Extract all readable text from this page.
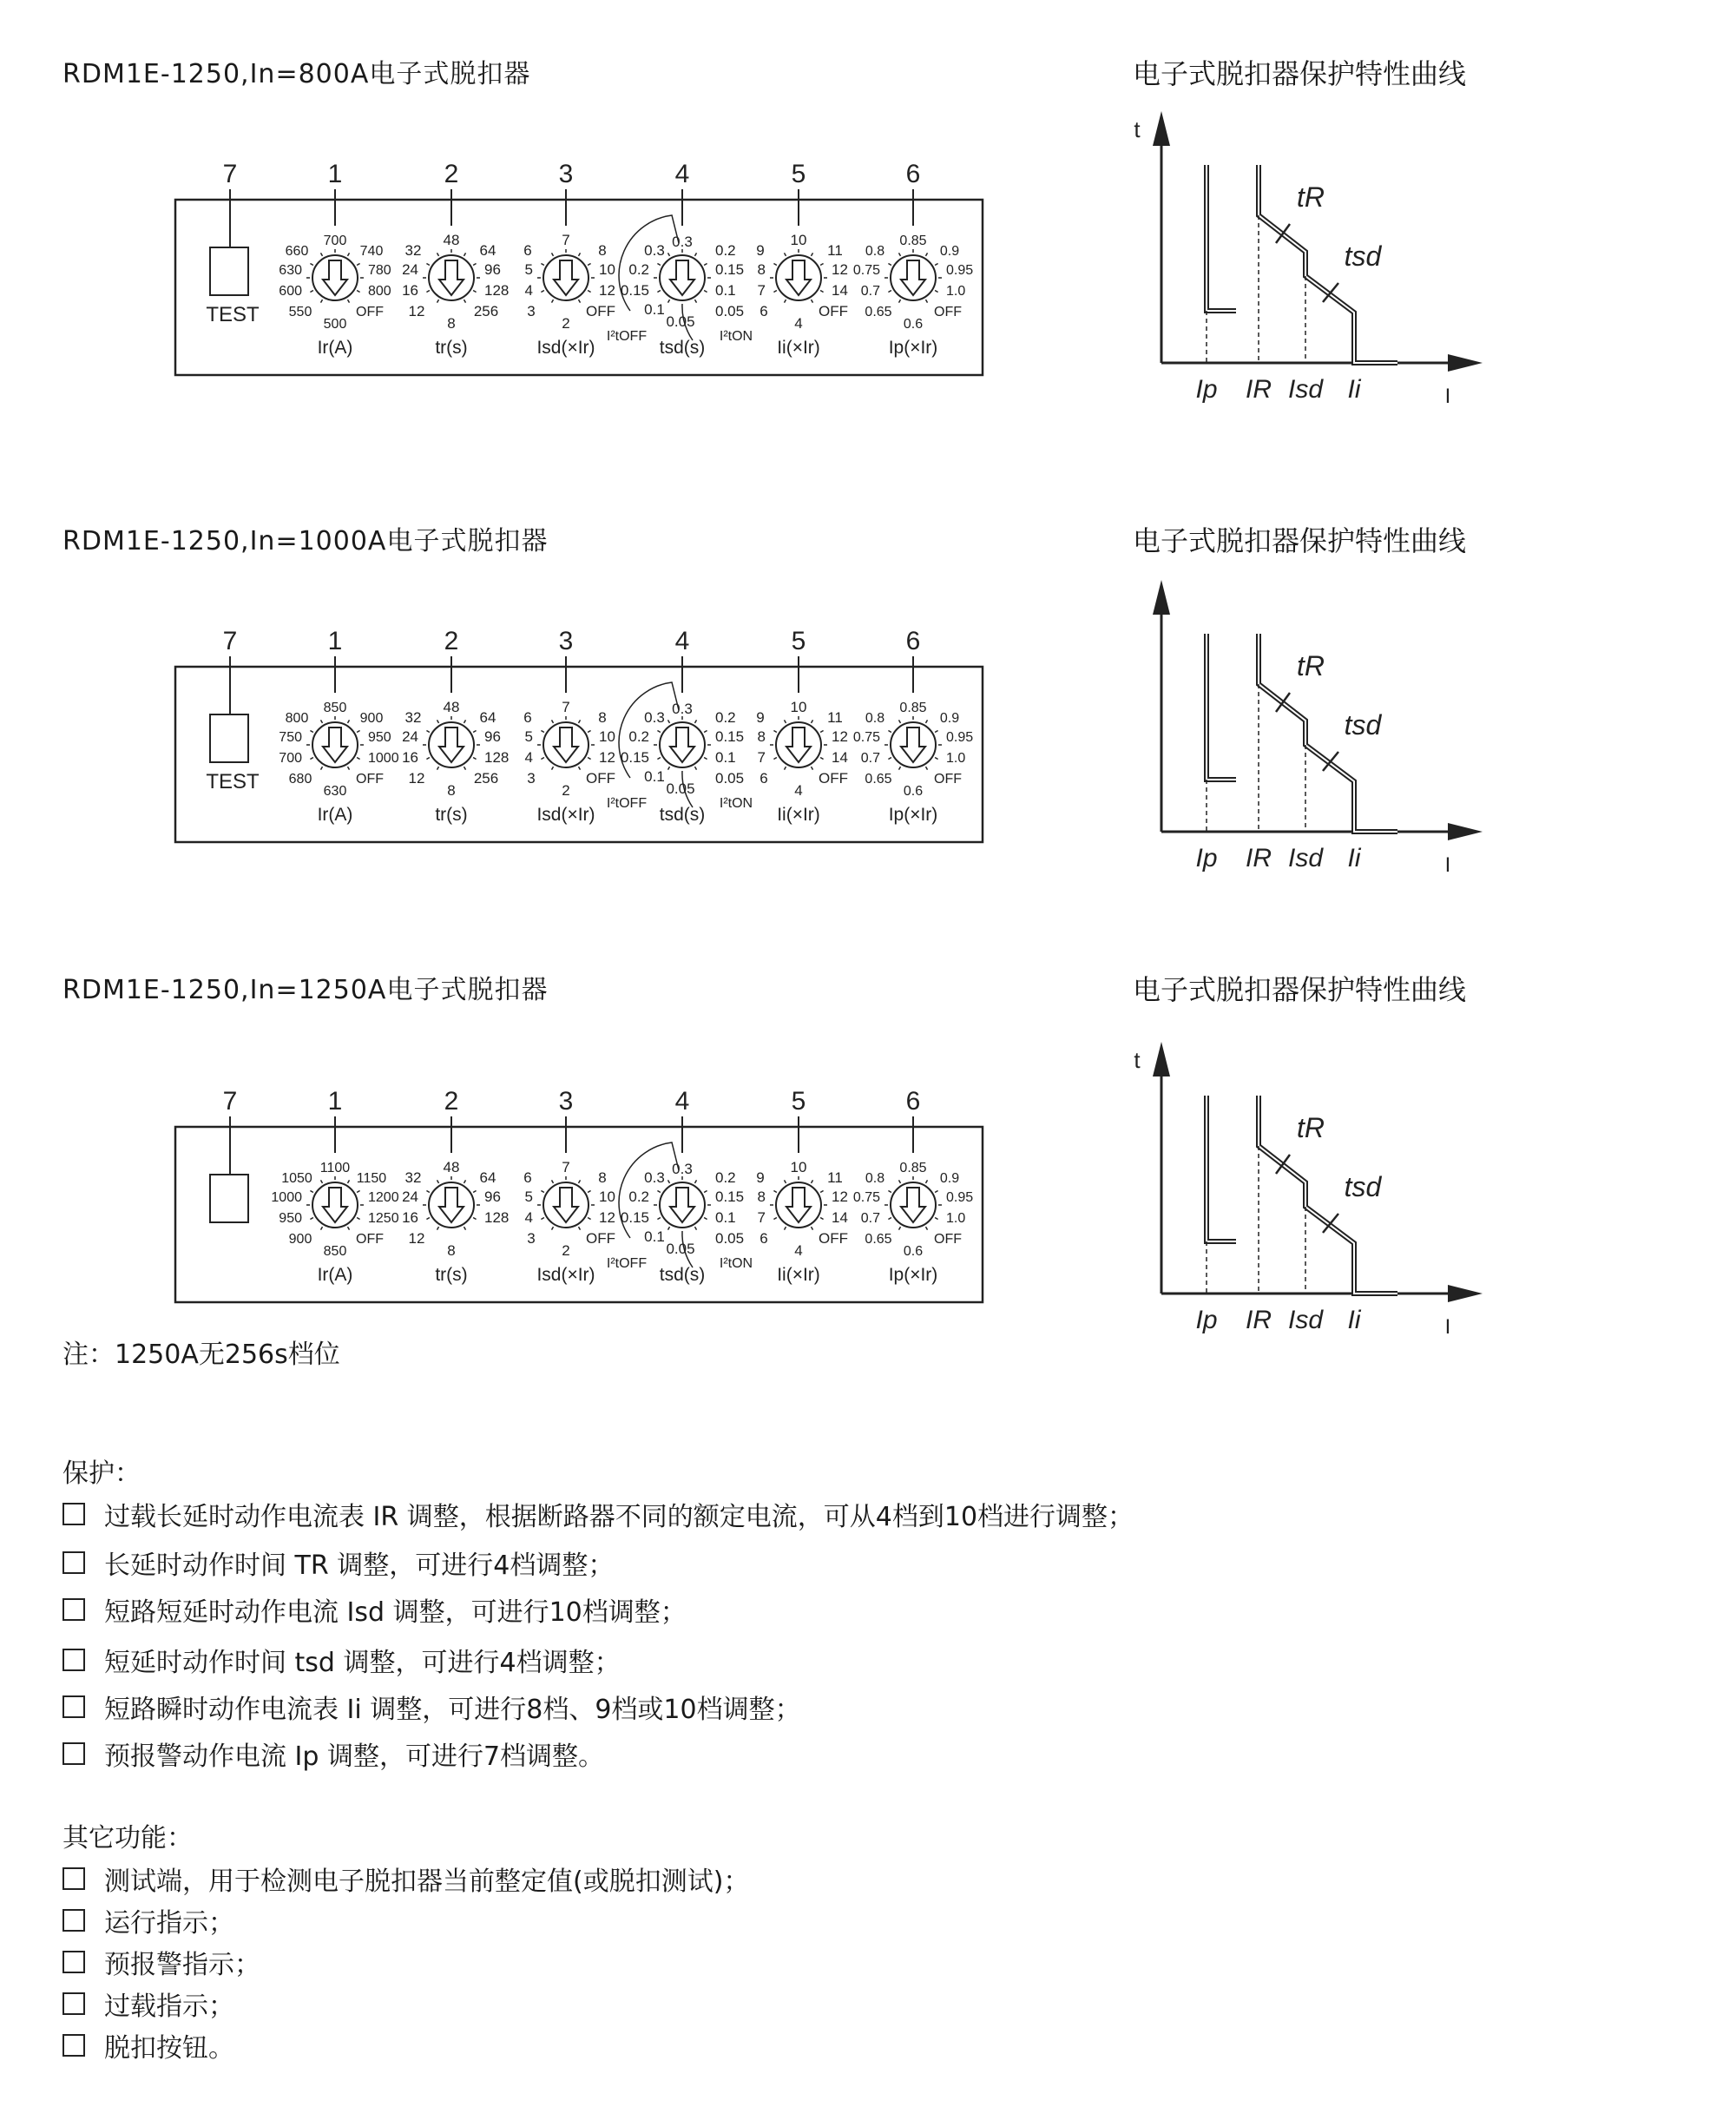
RDM1E-1250,In=800A电子式脱扣器	电子式脱扣器保护特性曲线
RDM1E-1250,In=1000A电子式脱扣器	电子式脱扣器保护特性曲线
RDM1E-1250,In=1250A电子式脱扣器	电子式脱扣器保护特性曲线
7	1	2	3	4	5	6
TEST
660
700
740
630	780
600	800
550
500
OFF
Ir(A)
32
48
64
24	96
16	128
12
8
256
tr(s)
6
7
8
5	10
4	12
3
2
OFF
Isd(×Ir)	tsd(s)
9
10
11
8	12
7	14
6
4
OFF
Ii(×Ir)
0.8
0.85
0.9
0.75	0.95
0.7	1.0
0.65
0.6
OFF
Ip(×Ir)
0.3
0.3
0.2
0.2
0.15
0.15
0.1
0.1
0.05
0.05
I²tOFF	I²tON
t
I
tR
tsd
Ip IR Isd Ii
7	1	2	3	4	5	6
TEST
800
850
900
750	950
700	1000
680
630
OFF
Ir(A)
32
48
64
24	96
16	128
12
8
256
tr(s)
6
7
8
5	10
4	12
3
2
OFF
Isd(×Ir)	tsd(s)
9
10
11
8	12
7	14
6
4
OFF
Ii(×Ir)
0.8
0.85
0.9
0.75	0.95
0.7	1.0
0.65
0.6
OFF
Ip(×Ir)
0.3
0.3
0.2
0.2
0.15
0.15
0.1
0.1
0.05
0.05
I²tOFF	I²tON
I
tR
tsd
Ip IR Isd Ii
7	1	2	3	4	5	6
1050
1100
1150
1000	1200
950	1250
900
850
OFF
Ir(A)
32
48
64
24	96
16	128
12
8
tr(s)
6
7
8
5	10
4	12
3
2
OFF
Isd(×Ir)	tsd(s)
9
10
11
8	12
7	14
6
4
OFF
Ii(×Ir)
0.8
0.85
0.9
0.75	0.95
0.7	1.0
0.65
0.6
OFF
Ip(×Ir)
0.3
0.3
0.2
0.2
0.15
0.15
0.1
0.1
0.05
0.05
I²tOFF	I²tON
t
I
tR
tsd
Ip IR Isd Ii
注：1250A无256s档位
保护：
过载长延时动作电流表 IR 调整，根据断路器不同的额定电流，可从4档到10档进行调整；
长延时动作时间 TR 调整，可进行4档调整；
短路短延时动作电流 Isd 调整，可进行10档调整；
短延时动作时间 tsd 调整，可进行4档调整；
短路瞬时动作电流表 Ii 调整，可进行8档、9档或10档调整；
预报警动作电流 Ip 调整，可进行7档调整。
其它功能：
测试端，用于检测电子脱扣器当前整定值(或脱扣测试)；
运行指示；
预报警指示；
过载指示；
脱扣按钮。
